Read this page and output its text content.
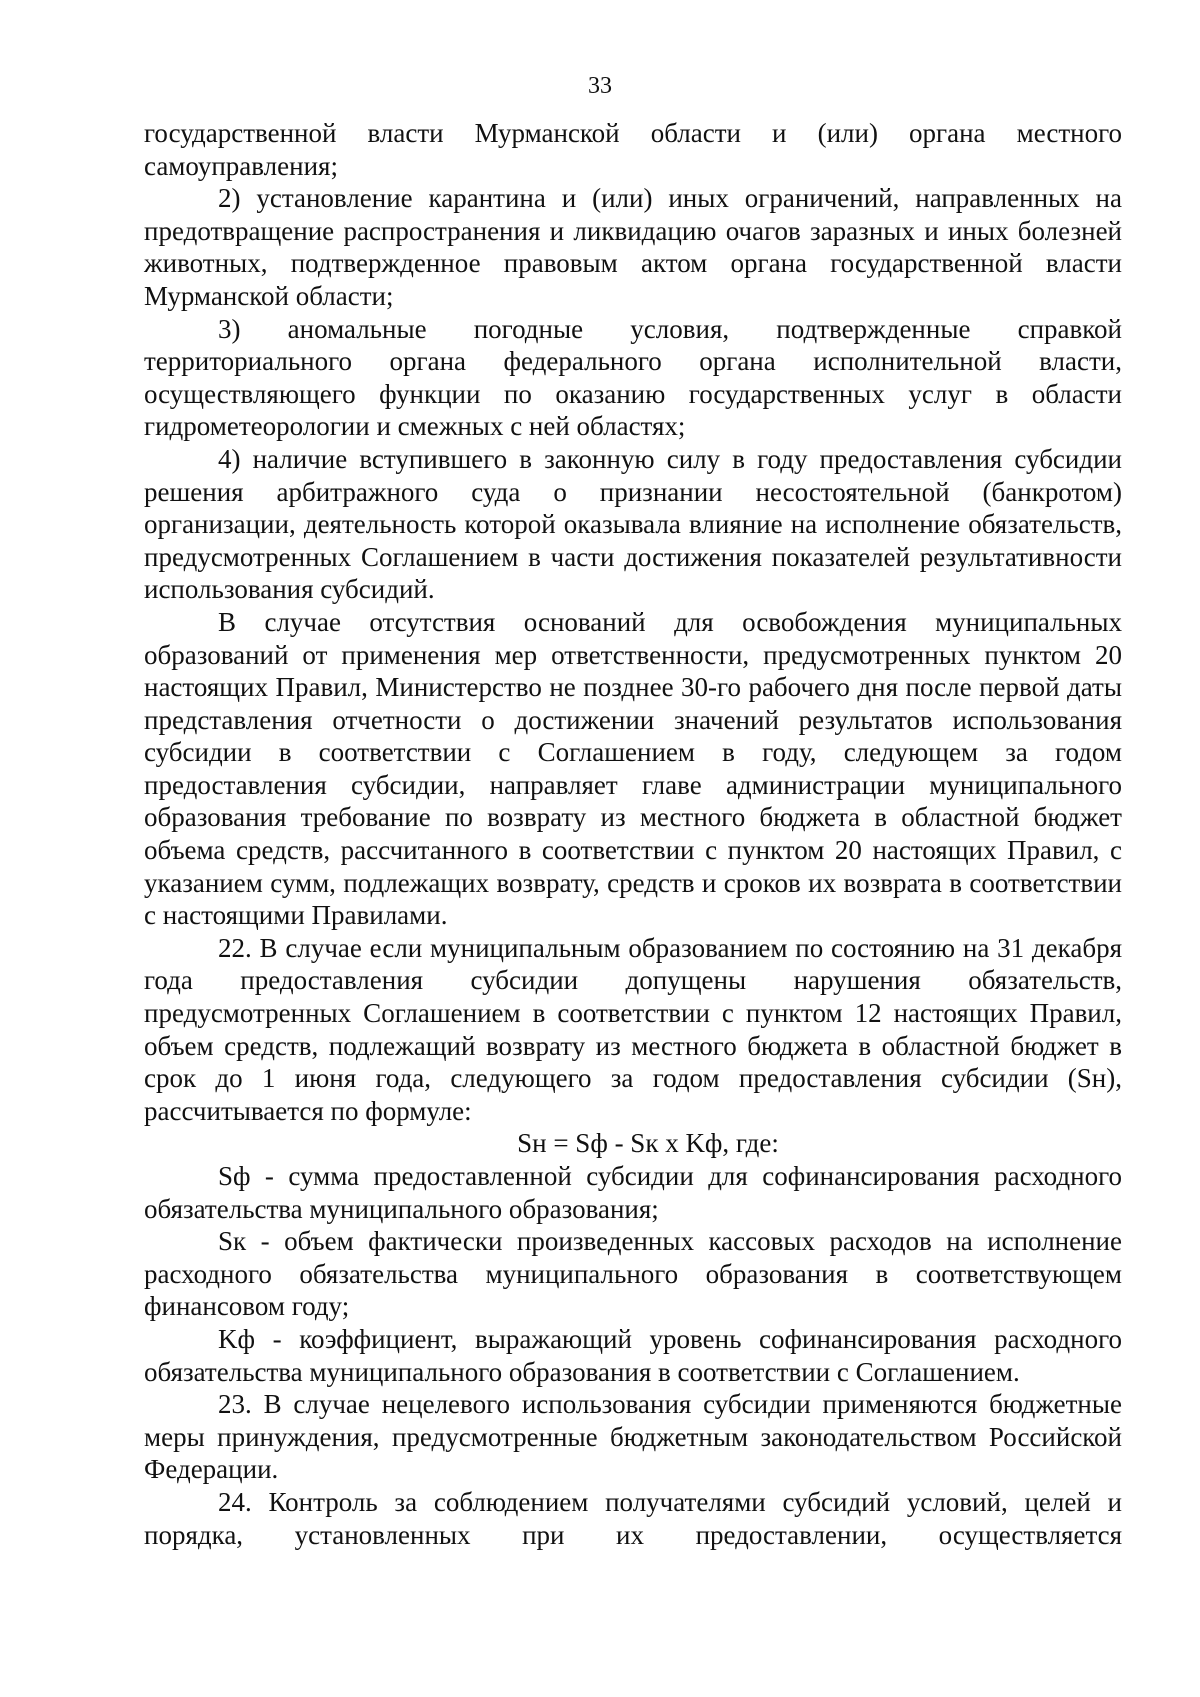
33

государственной власти Мурманской области и (или) органа местного самоуправления;

2) установление карантина и (или) иных ограничений, направленных на предотвращение распространения и ликвидацию очагов заразных и иных болезней животных, подтвержденное правовым актом органа государственной власти Мурманской области;

3) аномальные погодные условия, подтвержденные справкой территориального органа федерального органа исполнительной власти, осуществляющего функции по оказанию государственных услуг в области гидрометеорологии и смежных с ней областях;

4) наличие вступившего в законную силу в году предоставления субсидии решения арбитражного суда о признании несостоятельной (банкротом) организации, деятельность которой оказывала влияние на исполнение обязательств, предусмотренных Соглашением в части достижения показателей результативности использования субсидий.

В случае отсутствия оснований для освобождения муниципальных образований от применения мер ответственности, предусмотренных пунктом 20 настоящих Правил, Министерство не позднее 30-го рабочего дня после первой даты представления отчетности о достижении значений результатов использования субсидии в соответствии с Соглашением в году, следующем за годом предоставления субсидии, направляет главе администрации муниципального образования требование по возврату из местного бюджета в областной бюджет объема средств, рассчитанного в соответствии с пунктом 20 настоящих Правил, с указанием сумм, подлежащих возврату, средств и сроков их возврата в соответствии с настоящими Правилами.

22. В случае если муниципальным образованием по состоянию на 31 декабря года предоставления субсидии допущены нарушения обязательств, предусмотренных Соглашением в соответствии с пунктом 12 настоящих Правил, объем средств, подлежащий возврату из местного бюджета в областной бюджет в срок до 1 июня года, следующего за годом предоставления субсидии (Sн), рассчитывается по формуле:

Sн = Sф - Sк х Kф, где:

Sф - сумма предоставленной субсидии для софинансирования расходного обязательства муниципального образования;

Sк - объем фактически произведенных кассовых расходов на исполнение расходного обязательства муниципального образования в соответствующем финансовом году;

Kф - коэффициент, выражающий уровень софинансирования расходного обязательства муниципального образования в соответствии с Соглашением.

23. В случае нецелевого использования субсидии применяются бюджетные меры принуждения, предусмотренные бюджетным законодательством Российской Федерации.

24. Контроль за соблюдением получателями субсидий условий, целей и порядка, установленных при их предоставлении, осуществляется
